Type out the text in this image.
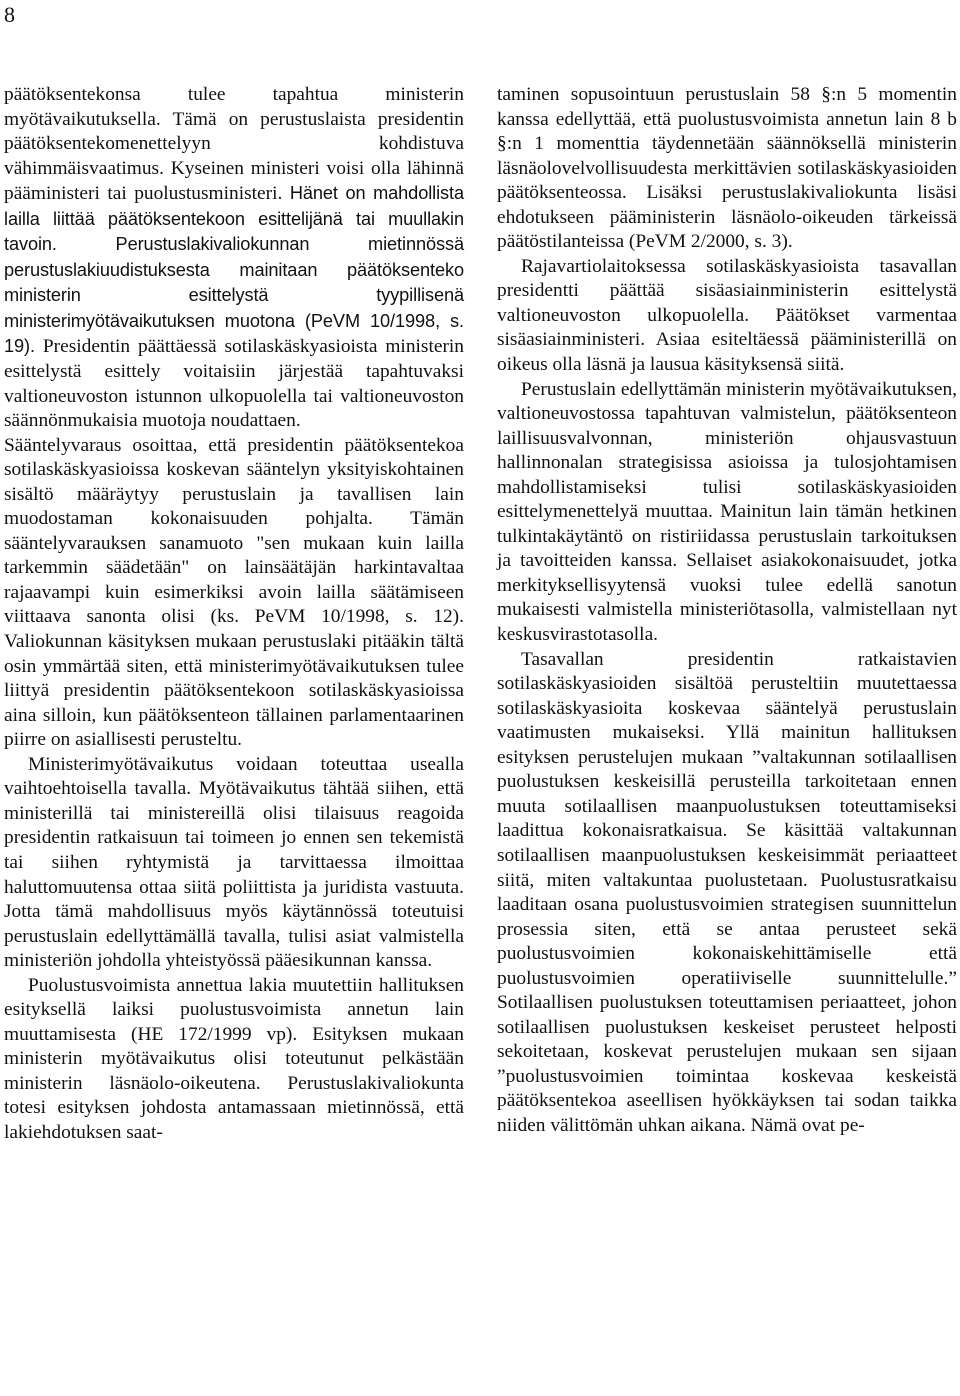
8

päätöksentekonsa tulee tapahtua ministerin myötävaikutuksella. Tämä on perustuslaista presidentin päätöksentekomenettelyyn kohdistuva vähimmäisvaatimus. Kyseinen ministeri voisi olla lähinnä pääministeri tai puolustusministeri. Hänet on mahdollista lailla liittää päätöksentekoon esittelijänä tai muullakin tavoin. Perustuslakivaliokunnan mietinnössä perustuslakiuudistuksesta mainitaan päätöksenteko ministerin esittelystä tyypillisenä ministerimyötävaikutuksen muotona (PeVM 10/1998, s. 19). Presidentin päättäessä sotilaskäskyasioista ministerin esittelystä esittely voitaisiin järjestää tapahtuvaksi valtioneuvoston istunnon ulkopuolella tai valtioneuvoston säännönmukaisia muotoja noudattaen.

Sääntelyvaraus osoittaa, että presidentin päätöksentekoa sotilaskäskyasioissa koskevan sääntelyn yksityiskohtainen sisältö määräytyy perustuslain ja tavallisen lain muodostaman kokonaisuuden pohjalta. Tämän sääntelyvarauksen sanamuoto "sen mukaan kuin lailla tarkemmin säädetään" on lainsäätäjän harkintavaltaa rajaavampi kuin esimerkiksi avoin lailla säätämiseen viittaava sanonta olisi (ks. PeVM 10/1998, s. 12). Valiokunnan käsityksen mukaan perustuslaki pitääkin tältä osin ymmärtää siten, että ministerimyötävaikutuksen tulee liittyä presidentin päätöksentekoon sotilaskäskyasioissa aina silloin, kun päätöksenteon tällainen parlamentaarinen piirre on asiallisesti perusteltu.

Ministerimyötävaikutus voidaan toteuttaa usealla vaihtoehtoisella tavalla. Myötävaikutus tähtää siihen, että ministerillä tai ministereillä olisi tilaisuus reagoida presidentin ratkaisuun tai toimeen jo ennen sen tekemistä tai siihen ryhtymistä ja tarvittaessa ilmoittaa haluttomuutensa ottaa siitä poliittista ja juridista vastuuta. Jotta tämä mahdollisuus myös käytännössä toteutuisi perustuslain edellyttämällä tavalla, tulisi asiat valmistella ministeriön johdolla yhteistyössä pääesikunnan kanssa.

Puolustusvoimista annettua lakia muutettiin hallituksen esityksellä laiksi puolustusvoimista annetun lain muuttamisesta (HE 172/1999 vp). Esityksen mukaan ministerin myötävaikutus olisi toteutunut pelkästään ministerin läsnäolo-oikeutena. Perustuslakivaliokunta totesi esityksen johdosta antamassaan mietinnössä, että lakiehdotuksen saat-

taminen sopusointuun perustuslain 58 §:n 5 momentin kanssa edellyttää, että puolustusvoimista annetun lain 8 b §:n 1 momenttia täydennetään säännöksellä ministerin läsnäolovelvollisuudesta merkittävien sotilaskäskyasioiden päätöksenteossa. Lisäksi perustuslakivaliokunta lisäsi ehdotukseen pääministerin läsnäolo-oikeuden tärkeissä päätöstilanteissa (PeVM 2/2000, s. 3).

Rajavartiolaitoksessa sotilaskäskyasioista tasavallan presidentti päättää sisäasiainministerin esittelystä valtioneuvoston ulkopuolella. Päätökset varmentaa sisäasiainministeri. Asiaa esiteltäessä pääministerillä on oikeus olla läsnä ja lausua käsityksensä siitä.

Perustuslain edellyttämän ministerin myötävaikutuksen, valtioneuvostossa tapahtuvan valmistelun, päätöksenteon laillisuusvalvonnan, ministeriön ohjausvastuun hallinnonalan strategisissa asioissa ja tulosjohtamisen mahdollistamiseksi tulisi sotilaskäskyasioiden esittelymenettelyä muuttaa. Mainitun lain tämän hetkinen tulkintakäytäntö on ristiriidassa perustuslain tarkoituksen ja tavoitteiden kanssa. Sellaiset asiakokonaisuudet, jotka merkityksellisyytensä vuoksi tulee edellä sanotun mukaisesti valmistella ministeriötasolla, valmistellaan nyt keskusvirastotasolla.

Tasavallan presidentin ratkaistavien sotilaskäskyasioiden sisältöä perusteltiin muutettaessa sotilaskäskyasioita koskevaa sääntelyä perustuslain vaatimusten mukaiseksi. Yllä mainitun hallituksen esityksen perustelujen mukaan ”valtakunnan sotilaallisen puolustuksen keskeisillä perusteilla tarkoitetaan ennen muuta sotilaallisen maanpuolustuksen toteuttamiseksi laadittua kokonaisratkaisua. Se käsittää valtakunnan sotilaallisen maanpuolustuksen keskeisimmät periaatteet siitä, miten valtakuntaa puolustetaan. Puolustusratkaisu laaditaan osana puolustusvoimien strategisen suunnittelun prosessia siten, että se antaa perusteet sekä puolustusvoimien kokonaiskehittämiselle että puolustusvoimien operatiiviselle suunnittelulle.” Sotilaallisen puolustuksen toteuttamisen periaatteet, johon sotilaallisen puolustuksen keskeiset perusteet helposti sekoitetaan, koskevat perustelujen mukaan sen sijaan ”puolustusvoimien toimintaa koskevaa keskeistä päätöksentekoa aseellisen hyökkäyksen tai sodan taikka niiden välittömän uhkan aikana. Nämä ovat pe-
